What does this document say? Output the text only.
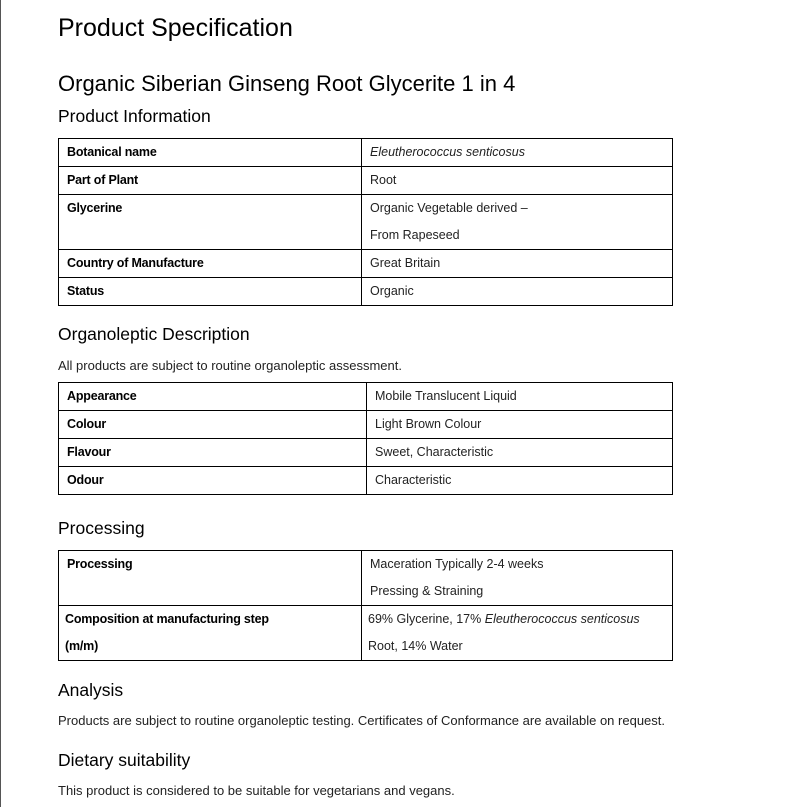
Product Specification
Organic Siberian Ginseng Root Glycerite 1 in 4
Product Information
Botanical name	Eleutherococcus senticosus
Part of Plant	Root
Glycerine	Organic Vegetable derived –
From Rapeseed

Country of Manufacture	Great Britain
Status	Organic
Organoleptic Description
All products are subject to routine organoleptic assessment.
Appearance	Mobile Translucent Liquid
Colour	Light Brown Colour
Flavour	Sweet, Characteristic
Odour	Characteristic
Processing
Processing	Maceration Typically 2-4 weeks
Pressing & Straining

Composition at manufacturing step
(m/m)	69% Glycerine, 17% Eleutherococcus senticosus
Root, 14% Water
Analysis
Products are subject to routine organoleptic testing. Certificates of Conformance are available on request.
Dietary suitability
This product is considered to be suitable for vegetarians and vegans.
